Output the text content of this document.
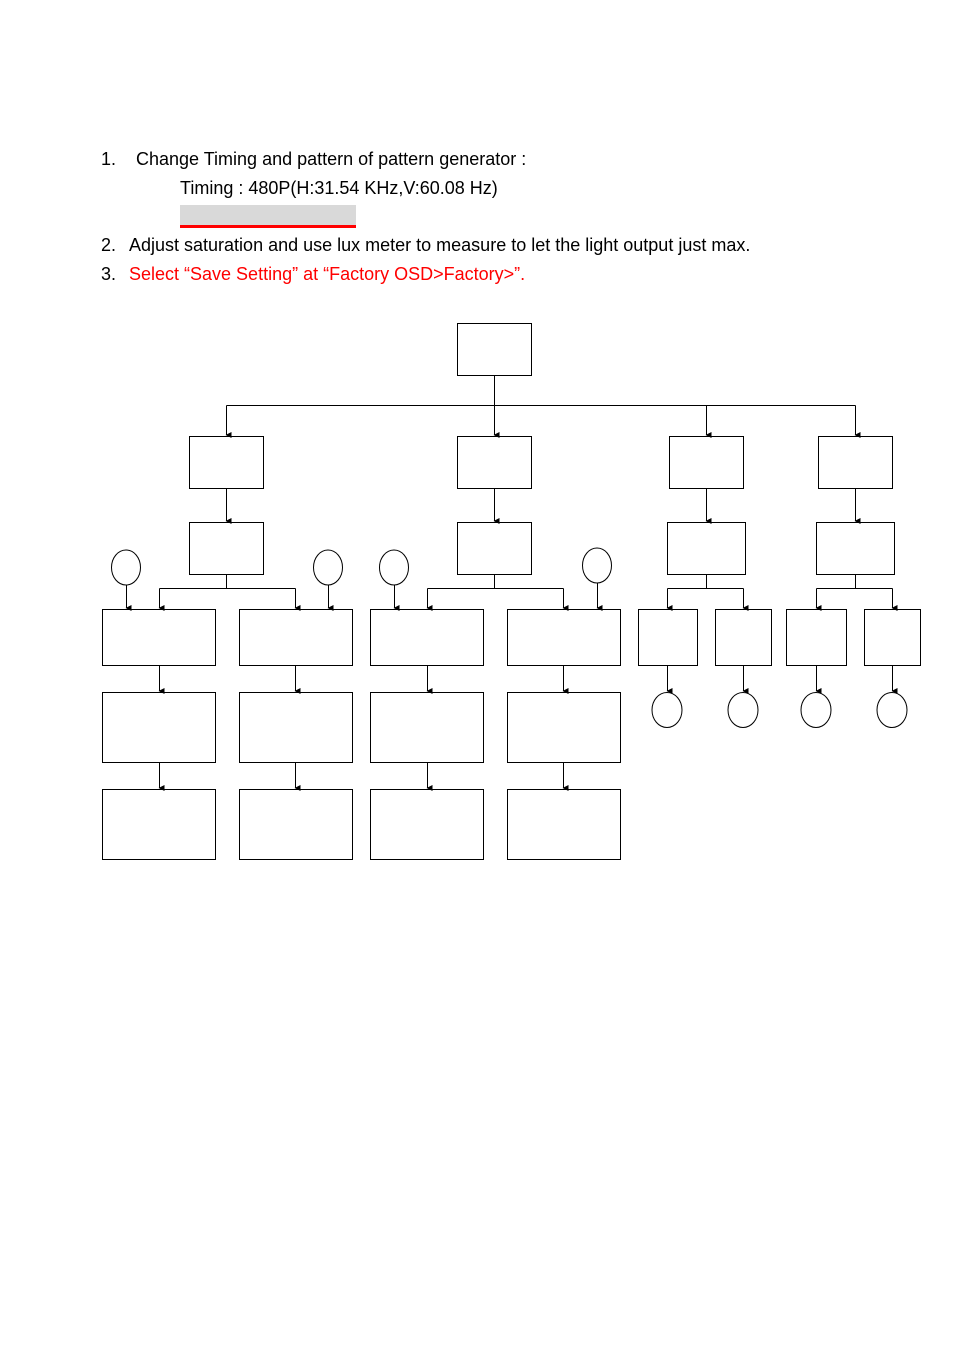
1. Change Timing and pattern of pattern generator :
Timing : 480P(H:31.54 KHz,V:60.08 Hz)
2. Adjust saturation and use lux meter to measure to let the light output just max.
3. Select “Save Setting” at “Factory OSD>Factory>”.
